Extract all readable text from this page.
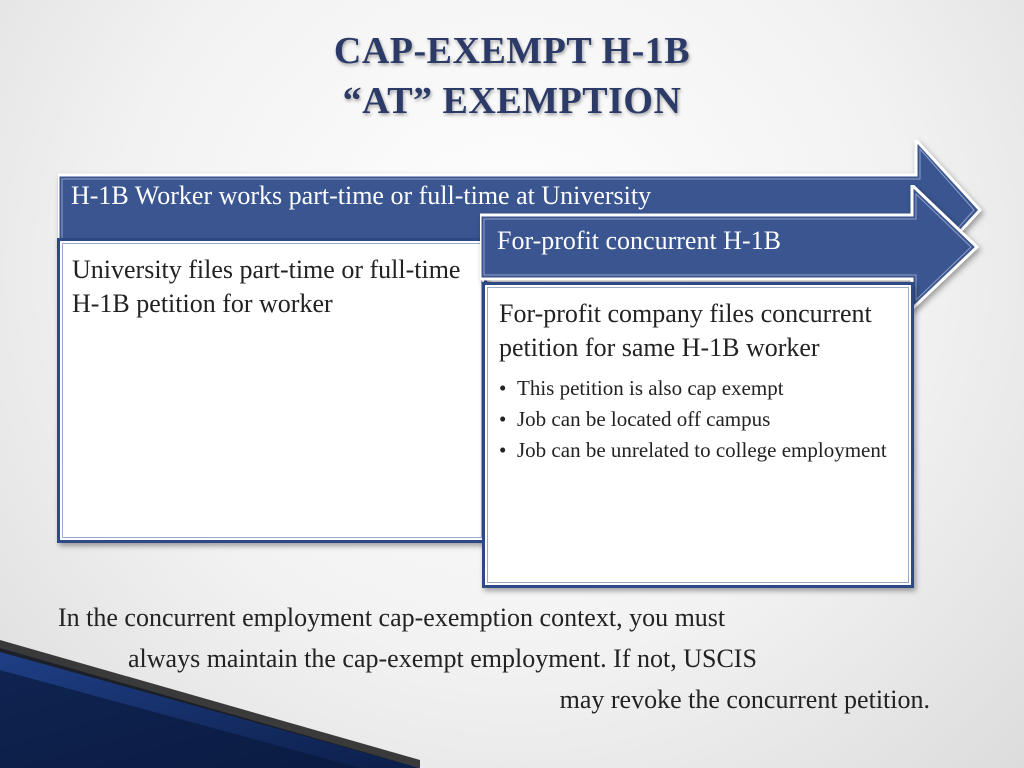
CAP-EXEMPT H-1B
“AT” EXEMPTION
H-1B Worker works part-time or full-time at University
University files part-time or full-time H-1B petition for worker
For-profit concurrent H-1B
For-profit company files concurrent petition for same H-1B worker
• This petition is also cap exempt
• Job can be located off campus
• Job can be unrelated to college employment
In the concurrent employment cap-exemption context, you must
always maintain the cap-exempt employment. If not, USCIS
may revoke the concurrent petition.
